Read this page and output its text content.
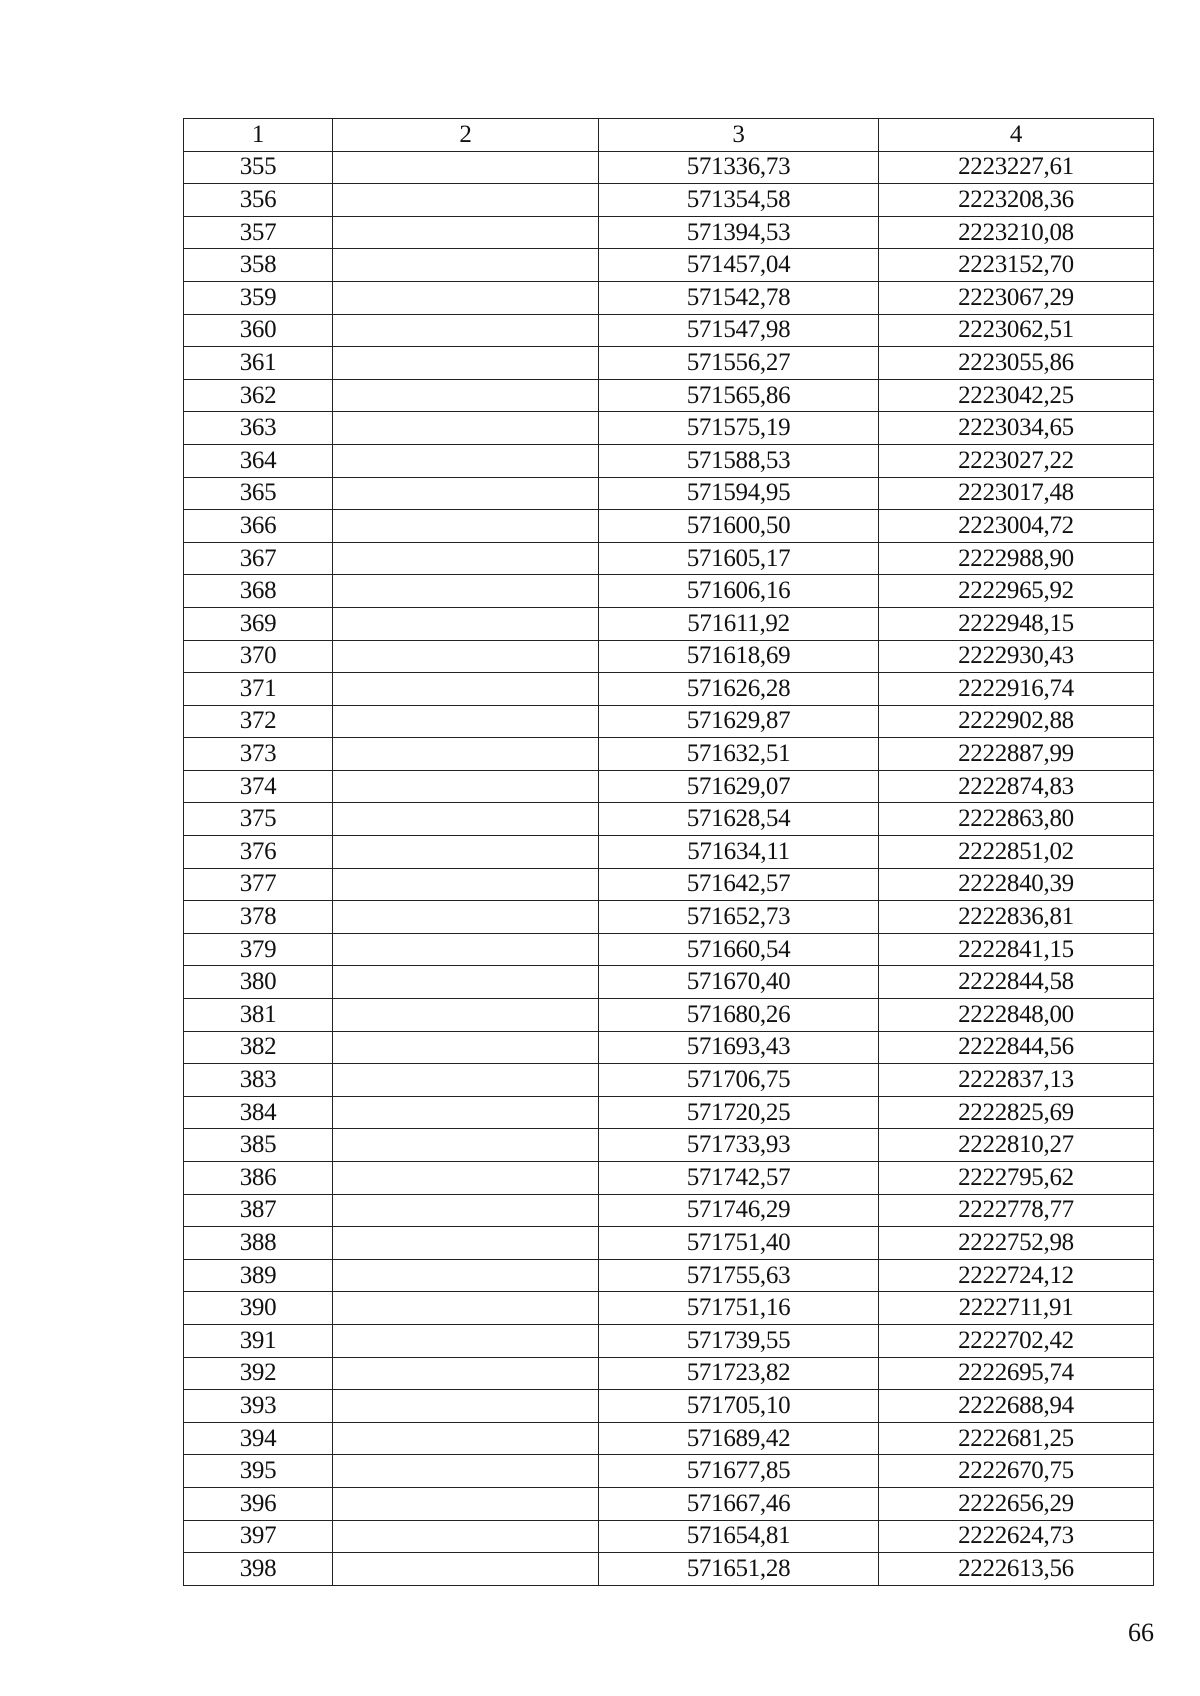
1	2	3	4
355		571336,73	2223227,61
356		571354,58	2223208,36
357		571394,53	2223210,08
358		571457,04	2223152,70
359		571542,78	2223067,29
360		571547,98	2223062,51
361		571556,27	2223055,86
362		571565,86	2223042,25
363		571575,19	2223034,65
364		571588,53	2223027,22
365		571594,95	2223017,48
366		571600,50	2223004,72
367		571605,17	2222988,90
368		571606,16	2222965,92
369		571611,92	2222948,15
370		571618,69	2222930,43
371		571626,28	2222916,74
372		571629,87	2222902,88
373		571632,51	2222887,99
374		571629,07	2222874,83
375		571628,54	2222863,80
376		571634,11	2222851,02
377		571642,57	2222840,39
378		571652,73	2222836,81
379		571660,54	2222841,15
380		571670,40	2222844,58
381		571680,26	2222848,00
382		571693,43	2222844,56
383		571706,75	2222837,13
384		571720,25	2222825,69
385		571733,93	2222810,27
386		571742,57	2222795,62
387		571746,29	2222778,77
388		571751,40	2222752,98
389		571755,63	2222724,12
390		571751,16	2222711,91
391		571739,55	2222702,42
392		571723,82	2222695,74
393		571705,10	2222688,94
394		571689,42	2222681,25
395		571677,85	2222670,75
396		571667,46	2222656,29
397		571654,81	2222624,73
398		571651,28	2222613,56
66
